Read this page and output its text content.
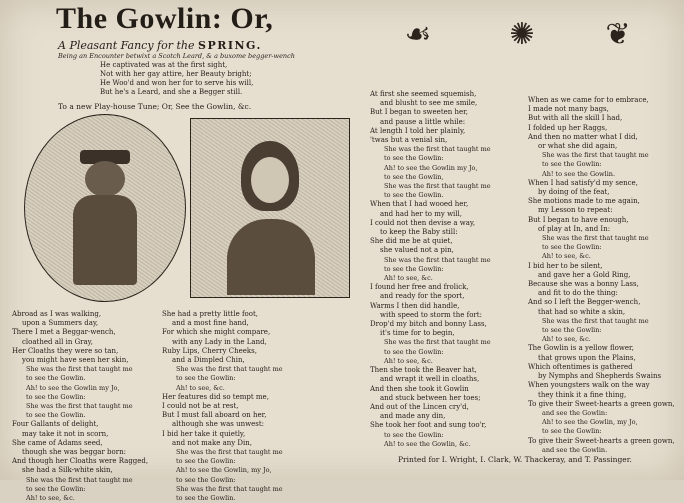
The Gowlin: Or,
A Pleasant Fancy for the SPRING.
Being an Encounter betwixt a Scotch Leard, & a buxome begger-wench
He captivated was at the first sight,
Not with her gay attire, her Beauty bright;
He Woo'd and won her for to serve his will,
But he's a Leard, and she a Begger still.
To a new Play-house Tune; Or, See the Gowlin, &c.
☙	✺	❦
Abroad as I was walking,
upon a Summers day,
There I met a Beggar-wench,
cloathed all in Gray,
Her Cloaths they were so tan,
you might have seen her skin,
She was the first that taught me
to see the Gowlin.
Ah! to see the Gowlin my Jo,
to see the Gowlin:
She was the first that taught me
to see the Gowlin.
Four Gallants of delight,
may take it not in scorn,
She came of Adams seed,
though she was beggar born:
And though her Cloaths were Ragged,
she had a Silk-white skin,
She was the first that taught me
to see the Gowlin:
Ah! to see, &c.
She had a pretty little foot,
and a most fine hand,
For which she might compare,
with any Lady in the Land,
Ruby Lips, Cherry Cheeks,
and a Dimpled Chin,
She was the first that taught me
to see the Gowlin:
Ah! to see, &c.
Her features did so tempt me,
I could not be at rest,
But I must fall aboard on her,
although she was unwest:
I bid her take it quietly,
and not make any Din,
She was the first that taught me
to see the Gowlin:
Ah! to see the Gowlin, my Jo,
to see the Gowlin:
She was the first that taught me
to see the Gowlin.
At first she seemed squemish,
and blusht to see me smile,
But I began to sweeten her,
and pause a little while:
At length I told her plainly,
'twas but a venial sin,
She was the first that taught me
to see the Gowlin:
Ah! to see the Gowlin my Jo,
to see the Gowlin,
She was the first that taught me
to see the Gowlin.
When that I had wooed her,
and had her to my will,
I could not then devise a way,
to keep the Baby still:
She did me be at quiet,
she valued not a pin,
She was the first that taught me
to see the Gowlin:
Ah! to see, &c.
I found her free and frolick,
and ready for the sport,
Warms I then did handle,
with speed to storm the fort:
Drop'd my bitch and bonny Lass,
it's time for to begin,
She was the first that taught me
to see the Gowlin:
Ah! to see, &c.
Then she took the Beaver hat,
and wrapt it well in cloaths,
And then she took it Gowlin
and stuck between her toes;
And out of the Lincen cry'd,
and made any din,
She took her foot and sung too'r,
to see the Gowlin:
Ah! to see the Gowlin, &c.
When as we came for to embrace,
I made not many bags,
But with all the skill I had,
I folded up her Raggs,
And then no matter what I did,
or what she did again,
She was the first that taught me
to see the Gowlin:
Ah! to see the Gowlin.
When I had satisfy'd my sence,
by doing of the feat,
She motions made to me again,
my Lesson to repeat:
But I began to have enough,
of play at In, and In:
She was the first that taught me
to see the Gowlin:
Ah! to see, &c.
I bid her to be silent,
and gave her a Gold Ring,
Because she was a bonny Lass,
and fit to do the thing:
And so I left the Begger-wench,
that had so white a skin,
She was the first that taught me
to see the Gowlin:
Ah! to see, &c.
The Gowlin is a yellow flower,
that grows upon the Plains,
Which oftentimes is gathered
by Nymphs and Shepherds Swains
When youngsters walk on the way
they think it a fine thing,
To give their Sweet-hearts a green gown,
and see the Gowlin:
Ah! to see the Gowlin, my Jo,
to see the Gowlin:
To give their Sweet-hearts a green gown,
and see the Gowlin.
Printed for I. Wright, I. Clark, W. Thackeray, and T. Passinger.
